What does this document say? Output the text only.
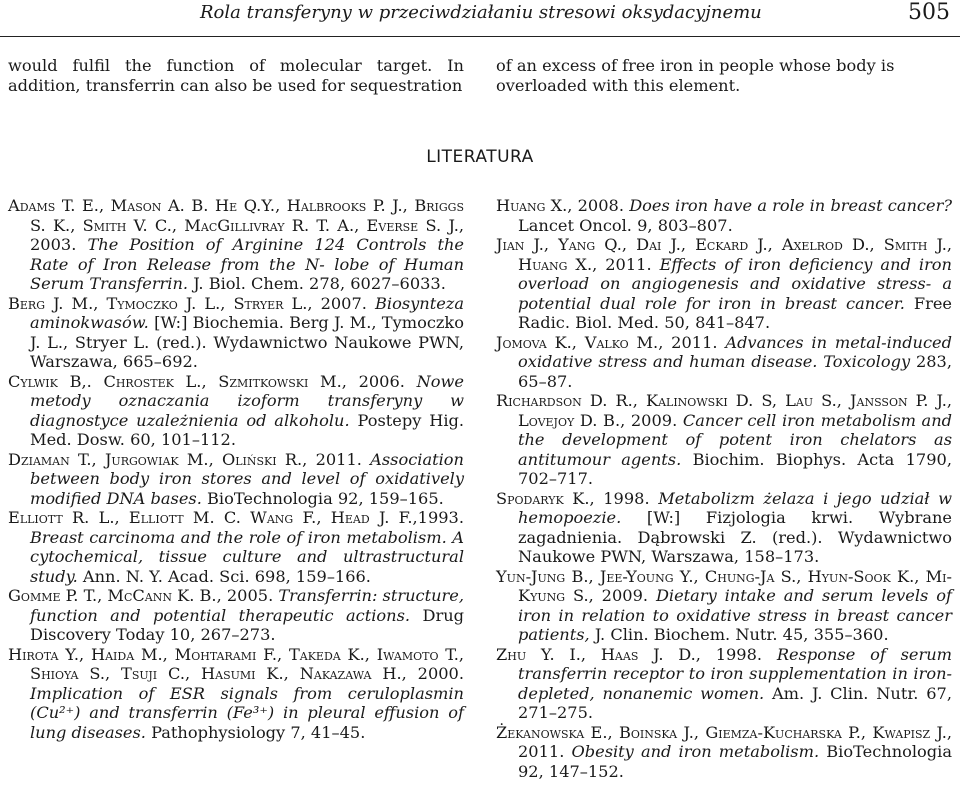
Rola transferyny w przeciwdziałaniu stresowi oksydacyjnemu	505
would fulfil the function of molecular target. In addition, transferrin can also be used for sequestration
of an excess of free iron in people whose body is overloaded with this element.
LITERATURA

Adams T. E., Mason A. B. He Q.Y., Halbrooks P. J., Briggs S. K., Smith V. C., MacGillivray R. T. A., Everse S. J., 2003. The Position of Arginine 124 Controls the Rate of Iron Release from the N- lobe of Human Serum Transferrin. J. Biol. Chem. 278, 6027–6033.

Berg J. M., Tymoczko J. L., Stryer L., 2007. Biosynteza aminokwasów. [W:] Biochemia. Berg J. M., Tymoczko J. L., Stryer L. (red.). Wydawnictwo Naukowe PWN, Warszawa, 665–692.

Cylwik B,. Chrostek L., Szmitkowski M., 2006. Nowe metody oznaczania izoform transferyny w diagnostyce uzależnienia od alkoholu. Postepy Hig. Med. Dosw. 60, 101–112.

Dziaman T., Jurgowiak M., Oliński R., 2011. Association between body iron stores and level of oxidatively modified DNA bases. BioTechnologia 92, 159–165.

Elliott R. L., Elliott M. C. Wang F., Head J. F.,1993. Breast carcinoma and the role of iron metabolism. A cytochemical, tissue culture and ultrastructural study. Ann. N. Y. Acad. Sci. 698, 159–166.

Gomme P. T., McCann K. B., 2005. Transferrin: structure, function and potential therapeutic actions. Drug Discovery Today 10, 267–273.

Hirota Y., Haida M., Mohtarami F., Takeda K., Iwamoto T., Shioya S., Tsuji C., Hasumi K., Nakazawa H., 2000. Implication of ESR signals from ceruloplasmin (Cu²⁺) and transferrin (Fe³⁺) in pleural effusion of lung diseases. Pathophysiology 7, 41–45.

Huang X., 2008. Does iron have a role in breast cancer? Lancet Oncol. 9, 803–807.

Jian J., Yang Q., Dai J., Eckard J., Axelrod D., Smith J., Huang X., 2011. Effects of iron deficiency and iron overload on angiogenesis and oxidative stress- a potential dual role for iron in breast cancer. Free Radic. Biol. Med. 50, 841–847.

Jomova K., Valko M., 2011. Advances in metal-induced oxidative stress and human disease. Toxicology 283, 65–87.

Richardson D. R., Kalinowski D. S, Lau S., Jansson P. J., Lovejoy D. B., 2009. Cancer cell iron metabolism and the development of potent iron chelators as antitumour agents. Biochim. Biophys. Acta 1790, 702–717.

Spodaryk K., 1998. Metabolizm żelaza i jego udział w hemopoezie. [W:] Fizjologia krwi. Wybrane zagadnienia. Dąbrowski Z. (red.). Wydawnictwo Naukowe PWN, Warszawa, 158–173.

Yun-Jung B., Jee-Young Y., Chung-Ja S., Hyun-Sook K., Mi-Kyung S., 2009. Dietary intake and serum levels of iron in relation to oxidative stress in breast cancer patients, J. Clin. Biochem. Nutr. 45, 355–360.

Zhu Y. I., Haas J. D., 1998. Response of serum transferrin receptor to iron supplementation in iron-depleted, nonanemic women. Am. J. Clin. Nutr. 67, 271–275.

Żekanowska E., Boinska J., Giemza-Kucharska P., Kwapisz J., 2011. Obesity and iron metabolism. BioTechnologia 92, 147–152.
